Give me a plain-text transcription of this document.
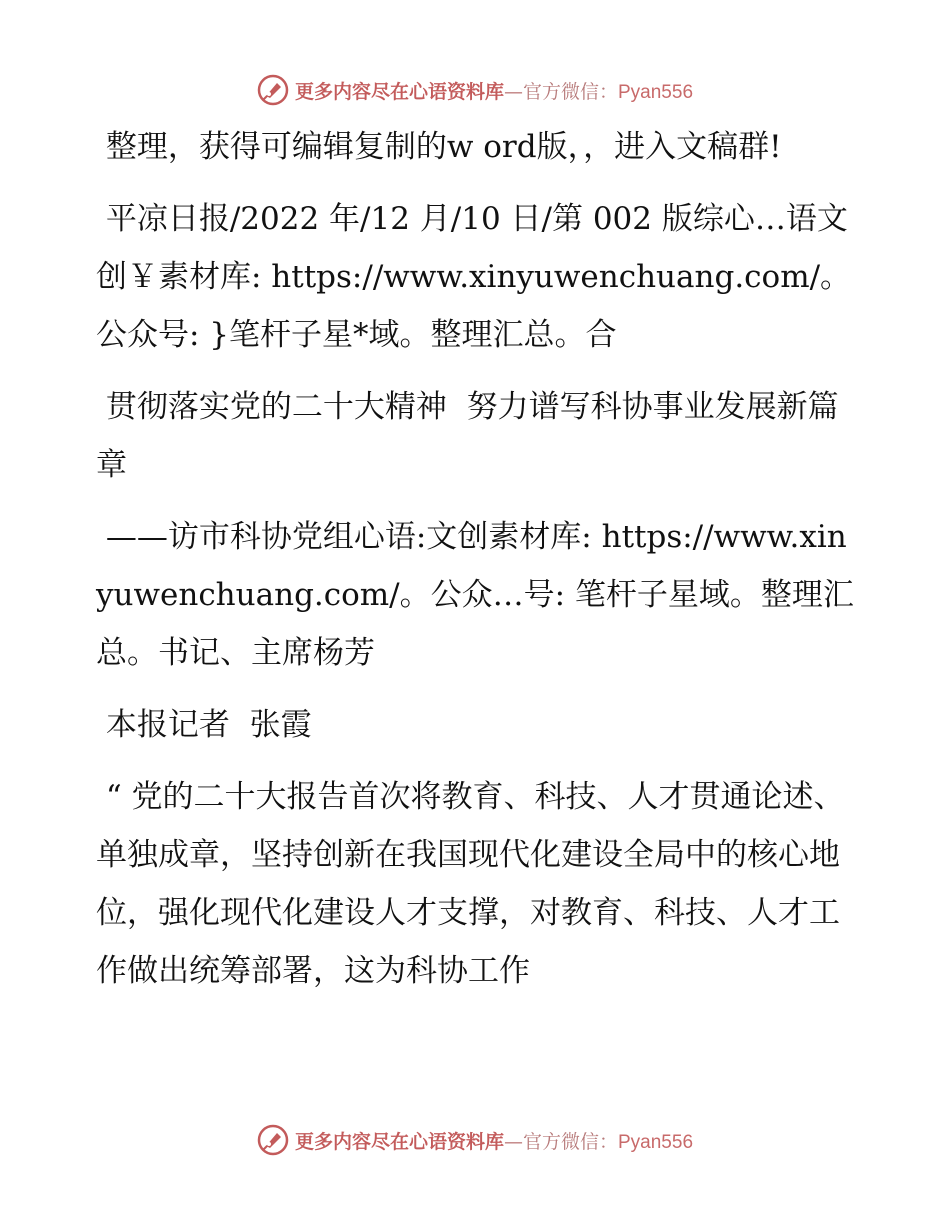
更多内容尽在心语资料库—官方微信：Pyan556

整理，获得可编辑复制的w ord版，，进入文稿群!

平凉日报/2022 年/12 月/10 日/第 002 版综心…语文创￥素材库: https://www.xinyuwenchuang.com/。公众号: }笔杆子星*域。整理汇总。合

贯彻落实党的二十大精神  努力谱写科协事业发展新篇章

——访市科协党组心语:文创素材库: https://www.xinyuwenchuang.com/。公众…号: 笔杆子星域。整理汇总。书记、主席杨芳

本报记者  张霞

“ 党的二十大报告首次将教育、科技、人才贯通论述、单独成章，坚持创新在我国现代化建设全局中的核心地位，强化现代化建设人才支撑，对教育、科技、人才工作做出统筹部署，这为科协工作

更多内容尽在心语资料库—官方微信：Pyan556
